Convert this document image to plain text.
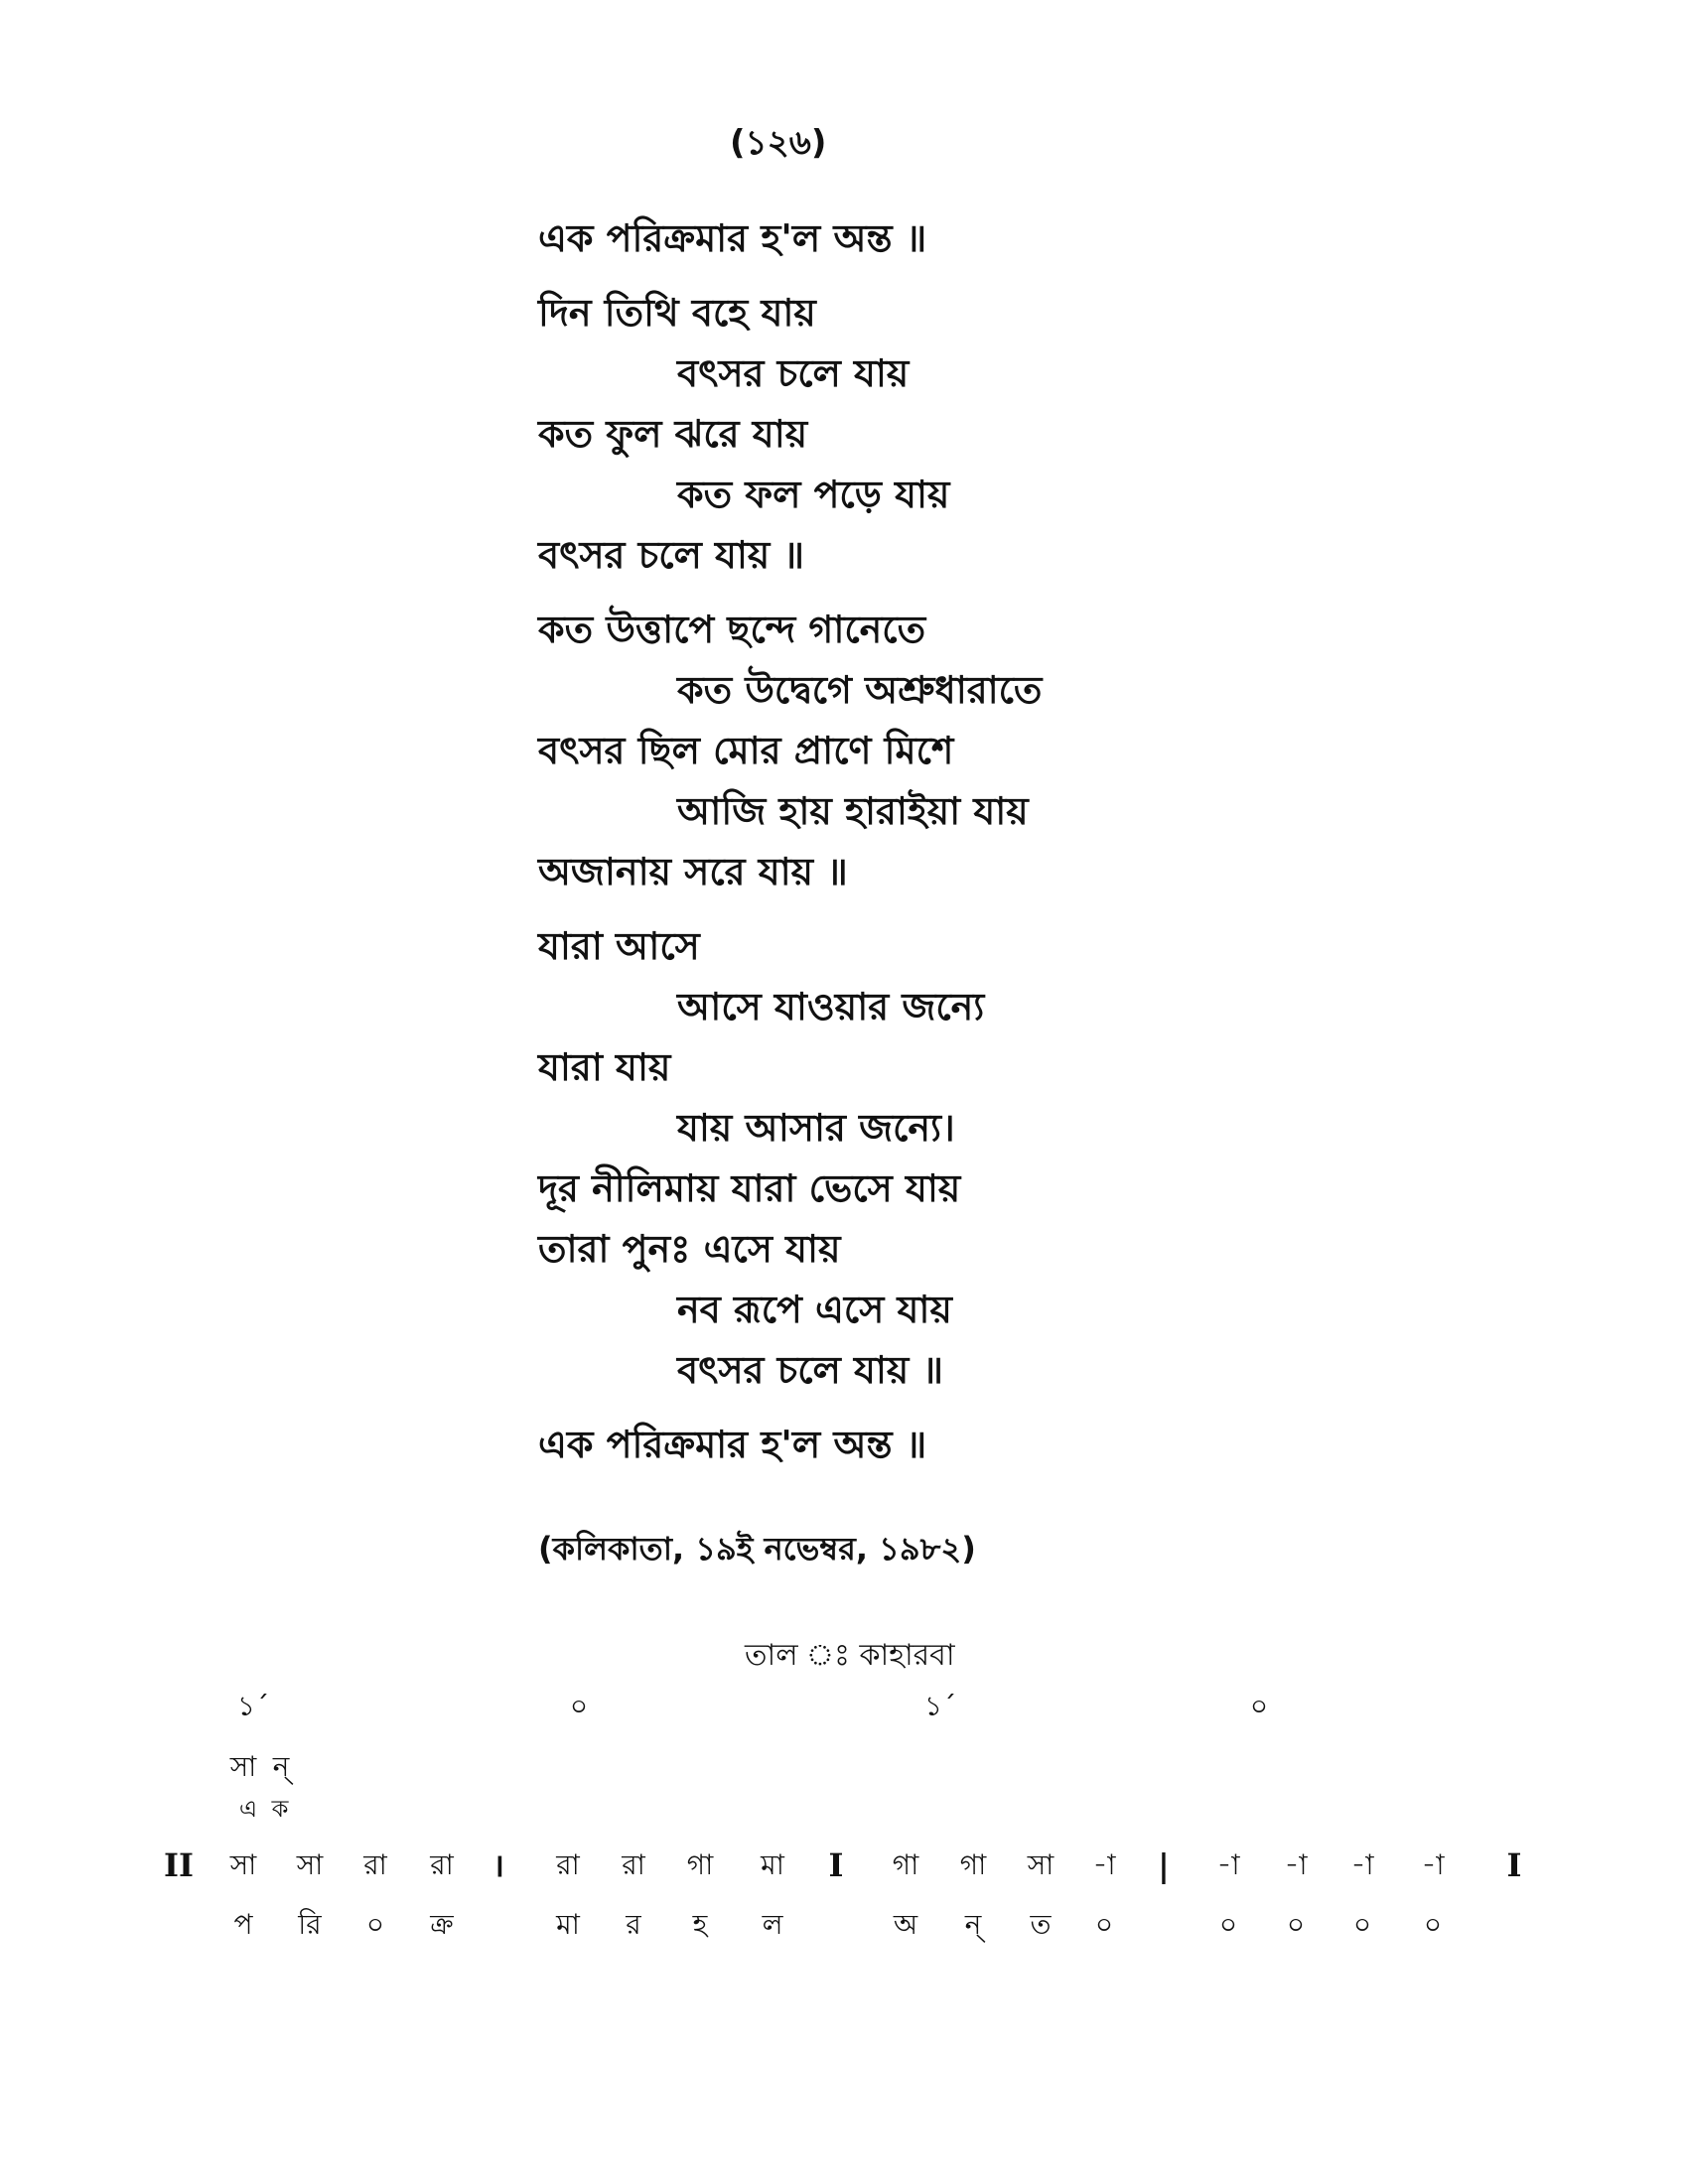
(১২৬)
এক পরিক্রমার হ'ল অন্ত ॥
দিন তিথি বহে যায়
বৎসর চলে যায়
কত ফুল ঝরে যায়
কত ফল পড়ে যায়
বৎসর চলে যায় ॥
কত উত্তাপে ছন্দে গানেতে
কত উদ্বেগে অশ্রুধারাতে
বৎসর ছিল মোর প্রাণে মিশে
আজি হায় হারাইয়া যায়
অজানায় সরে যায় ॥
যারা আসে
আসে যাওয়ার জন্যে
যারা যায়
যায় আসার জন্যে।
দূর নীলিমায় যারা ভেসে যায়
তারা পুনঃ এসে যায়
নব রূপে এসে যায়
বৎসর চলে যায় ॥
এক পরিক্রমার হ'ল অন্ত ॥
(কলিকাতা, ১৯ই নভেম্বর, ১৯৮২)
তাল ঃ কাহারবা
১´	০	১´	০
সা ন্‌
এ ক
II সা সা রা রা । রা রা গা মা I গা গা সা -া | -া -া -া -া I
প রি ০ ক্র	মা র হ ল	অ ন্‌ ত ০	০ ০ ০ ০
